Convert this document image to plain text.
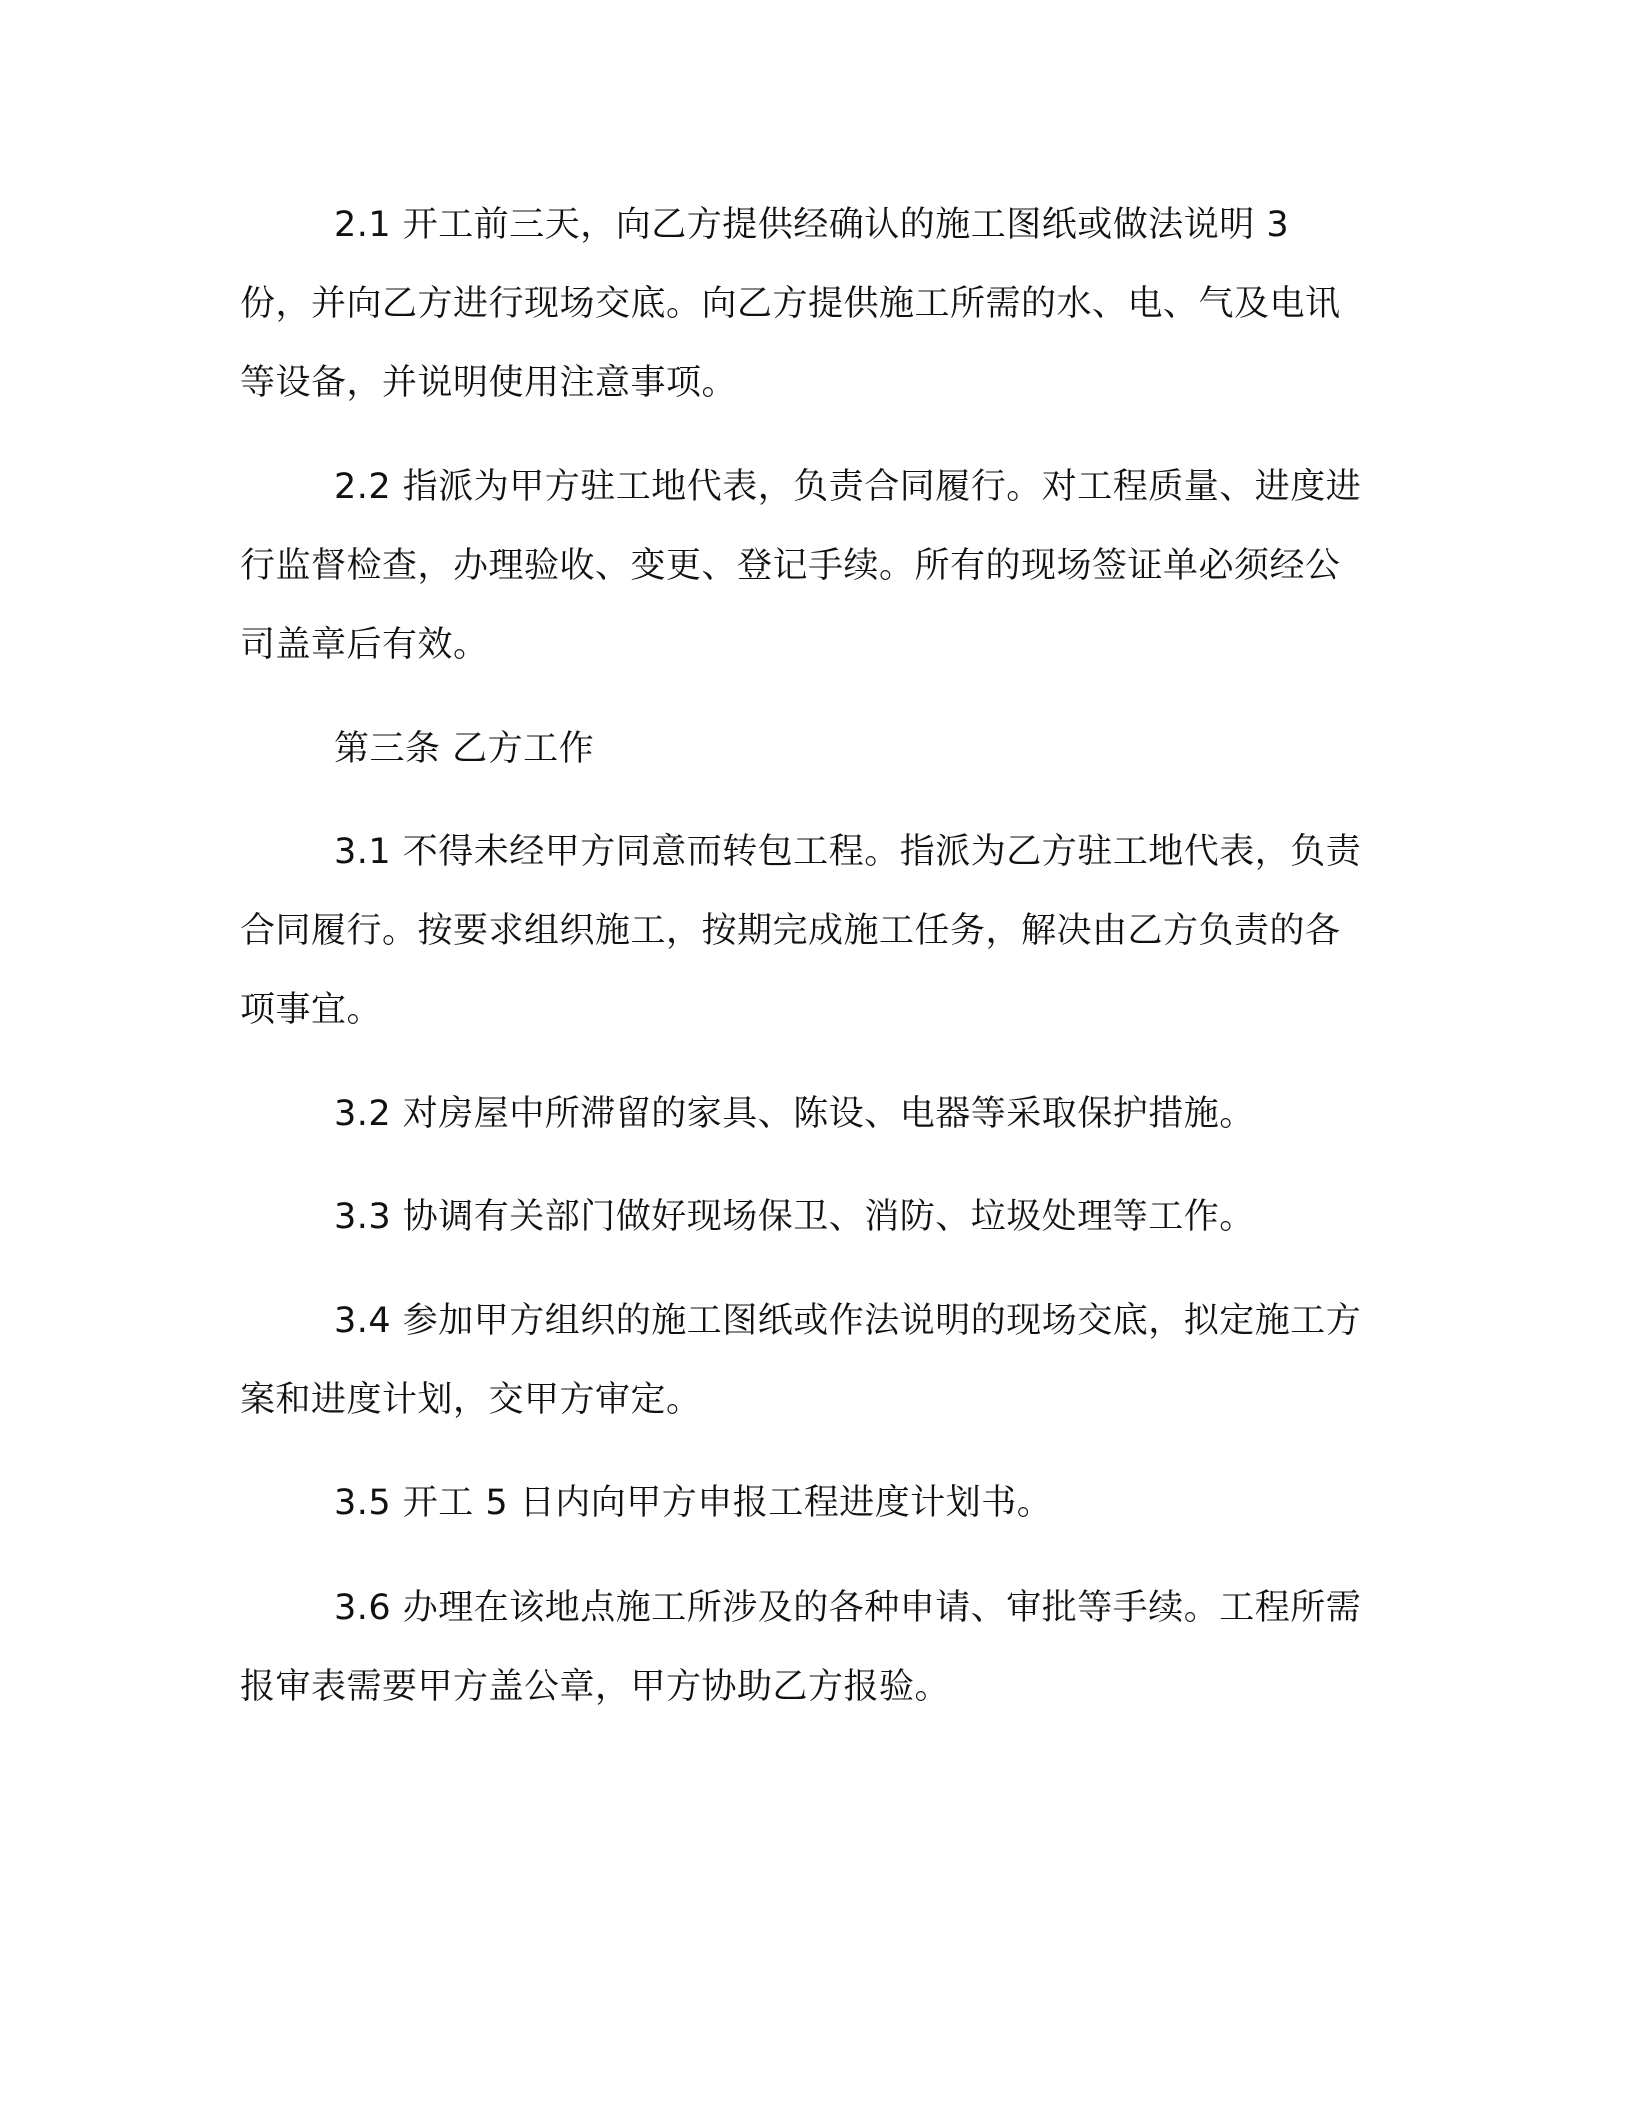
2.1 开工前三天，向乙方提供经确认的施工图纸或做法说明 3 份，并向乙方进行现场交底。向乙方提供施工所需的水、电、气及电讯等设备，并说明使用注意事项。

2.2 指派为甲方驻工地代表，负责合同履行。对工程质量、进度进行监督检查，办理验收、变更、登记手续。所有的现场签证单必须经公司盖章后有效。

第三条 乙方工作

3.1 不得未经甲方同意而转包工程。指派为乙方驻工地代表，负责合同履行。按要求组织施工，按期完成施工任务，解决由乙方负责的各项事宜。

3.2 对房屋中所滞留的家具、陈设、电器等采取保护措施。

3.3 协调有关部门做好现场保卫、消防、垃圾处理等工作。

3.4 参加甲方组织的施工图纸或作法说明的现场交底，拟定施工方案和进度计划，交甲方审定。

3.5 开工 5 日内向甲方申报工程进度计划书。

3.6 办理在该地点施工所涉及的各种申请、审批等手续。工程所需报审表需要甲方盖公章，甲方协助乙方报验。
